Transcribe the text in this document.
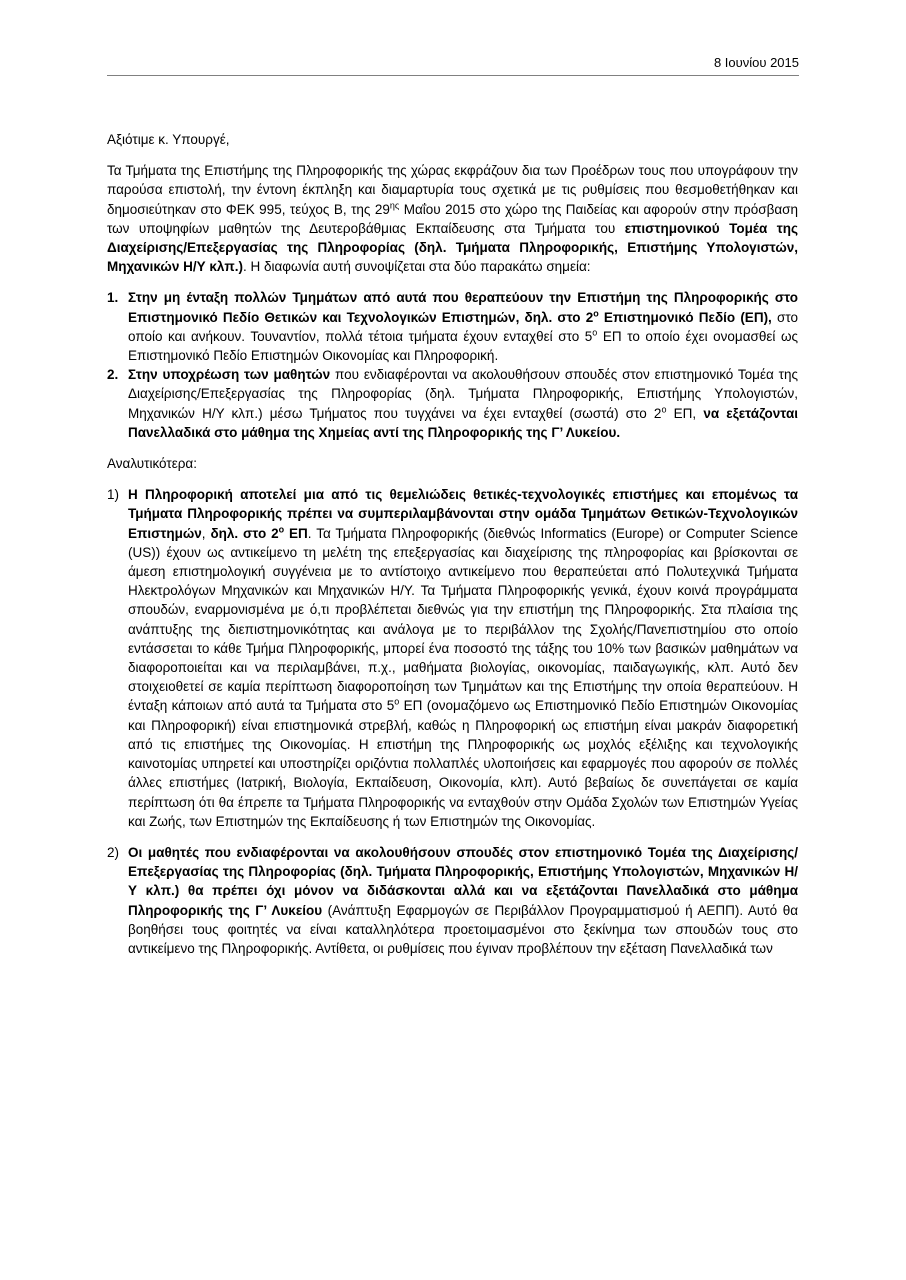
8 Ιουνίου 2015

Αξιότιμε κ. Υπουργέ,

Τα Τμήματα της Επιστήμης της Πληροφορικής της χώρας εκφράζουν δια των Προέδρων τους που υπογράφουν την παρούσα επιστολή, την έντονη έκπληξη και διαμαρτυρία τους σχετικά με τις ρυθμίσεις που θεσμοθετήθηκαν και δημοσιεύτηκαν στο ΦΕΚ 995, τεύχος Β, της $29^{\eta\varsigma}$ Μαΐου 2015 στο χώρο της Παιδείας και αφορούν στην πρόσβαση των υποψηφίων μαθητών της Δευτεροβάθμιας Εκπαίδευσης στα Τμήματα του επιστημονικού Τομέα της Διαχείρισης/Επεξεργασίας της Πληροφορίας (δηλ. Τμήματα Πληροφορικής, Επιστήμης Υπολογιστών, Μηχανικών Η/Υ κλπ.). Η διαφωνία αυτή συνοψίζεται στα δύο παρακάτω σημεία:

1. Στην μη ένταξη πολλών Τμημάτων από αυτά που θεραπεύουν την Επιστήμη της Πληροφορικής στο Επιστημονικό Πεδίο Θετικών και Τεχνολογικών Επιστημών, δηλ. στο $2^o$ Επιστημονικό Πεδίο (ΕΠ), στο οποίο και ανήκουν. Τουναντίον, πολλά τέτοια τμήματα έχουν ενταχθεί στο $5^o$ ΕΠ το οποίο έχει ονομασθεί ως Επιστημονικό Πεδίο Επιστημών Οικονομίας και Πληροφορική.
2. Στην υποχρέωση των μαθητών που ενδιαφέρονται να ακολουθήσουν σπουδές στον επιστημονικό Τομέα της Διαχείρισης/Επεξεργασίας της Πληροφορίας (δηλ. Τμήματα Πληροφορικής, Επιστήμης Υπολογιστών, Μηχανικών Η/Υ κλπ.) μέσω Τμήματος που τυγχάνει να έχει ενταχθεί (σωστά) στο $2^o$ ΕΠ, να εξετάζονται Πανελλαδικά στο μάθημα της Χημείας αντί της Πληροφορικής της Γ’ Λυκείου.

Αναλυτικότερα:

1) Η Πληροφορική αποτελεί μια από τις θεμελιώδεις θετικές-τεχνολογικές επιστήμες και επομένως τα Τμήματα Πληροφορικής πρέπει να συμπεριλαμβάνονται στην ομάδα Τμημάτων Θετικών-Τεχνολογικών Επιστημών, δηλ. στο $2^o$ ΕΠ. Τα Τμήματα Πληροφορικής (διεθνώς Informatics (Europe) or Computer Science (US)) έχουν ως αντικείμενο τη μελέτη της επεξεργασίας και διαχείρισης της πληροφορίας και βρίσκονται σε άμεση επιστημολογική συγγένεια με το αντίστοιχο αντικείμενο που θεραπεύεται από Πολυτεχνικά Τμήματα Ηλεκτρολόγων Μηχανικών και Μηχανικών Η/Υ. Τα Τμήματα Πληροφορικής γενικά, έχουν κοινά προγράμματα σπουδών, εναρμονισμένα με ό,τι προβλέπεται διεθνώς για την επιστήμη της Πληροφορικής. Στα πλαίσια της ανάπτυξης της διεπιστημονικότητας και ανάλογα με το περιβάλλον της Σχολής/Πανεπιστημίου στο οποίο εντάσσεται το κάθε Τμήμα Πληροφορικής, μπορεί ένα ποσοστό της τάξης του 10% των βασικών μαθημάτων να διαφοροποιείται και να περιλαμβάνει, π.χ., μαθήματα βιολογίας, οικονομίας, παιδαγωγικής, κλπ. Αυτό δεν στοιχειοθετεί σε καμία περίπτωση διαφοροποίηση των Τμημάτων και της Επιστήμης την οποία θεραπεύουν. Η ένταξη κάποιων από αυτά τα Τμήματα στο $5^o$ ΕΠ (ονομαζόμενο ως Επιστημονικό Πεδίο Επιστημών Οικονομίας και Πληροφορική) είναι επιστημονικά στρεβλή, καθώς η Πληροφορική ως επιστήμη είναι μακράν διαφορετική από τις επιστήμες της Οικονομίας. Η επιστήμη της Πληροφορικής ως μοχλός εξέλιξης και τεχνολογικής καινοτομίας υπηρετεί και υποστηρίζει οριζόντια πολλαπλές υλοποιήσεις και εφαρμογές που αφορούν σε πολλές άλλες επιστήμες (Ιατρική, Βιολογία, Εκπαίδευση, Οικονομία, κλπ). Αυτό βεβαίως δε συνεπάγεται σε καμία περίπτωση ότι θα έπρεπε τα Τμήματα Πληροφορικής να ενταχθούν στην Ομάδα Σχολών των Επιστημών Υγείας και Ζωής, των Επιστημών της Εκπαίδευσης ή των Επιστημών της Οικονομίας.
2) Οι μαθητές που ενδιαφέρονται να ακολουθήσουν σπουδές στον επιστημονικό Τομέα της Διαχείρισης/Επεξεργασίας της Πληροφορίας (δηλ. Τμήματα Πληροφορικής, Επιστήμης Υπολογιστών, Μηχανικών Η/Υ κλπ.) θα πρέπει όχι μόνον να διδάσκονται αλλά και να εξετάζονται Πανελλαδικά στο μάθημα Πληροφορικής της Γ’ Λυκείου (Ανάπτυξη Εφαρμογών σε Περιβάλλον Προγραμματισμού ή ΑΕΠΠ). Αυτό θα βοηθήσει τους φοιτητές να είναι καταλληλότερα προετοιμασμένοι στο ξεκίνημα των σπουδών τους στο αντικείμενο της Πληροφορικής. Αντίθετα, οι ρυθμίσεις που έγιναν προβλέπουν την εξέταση Πανελλαδικά των
